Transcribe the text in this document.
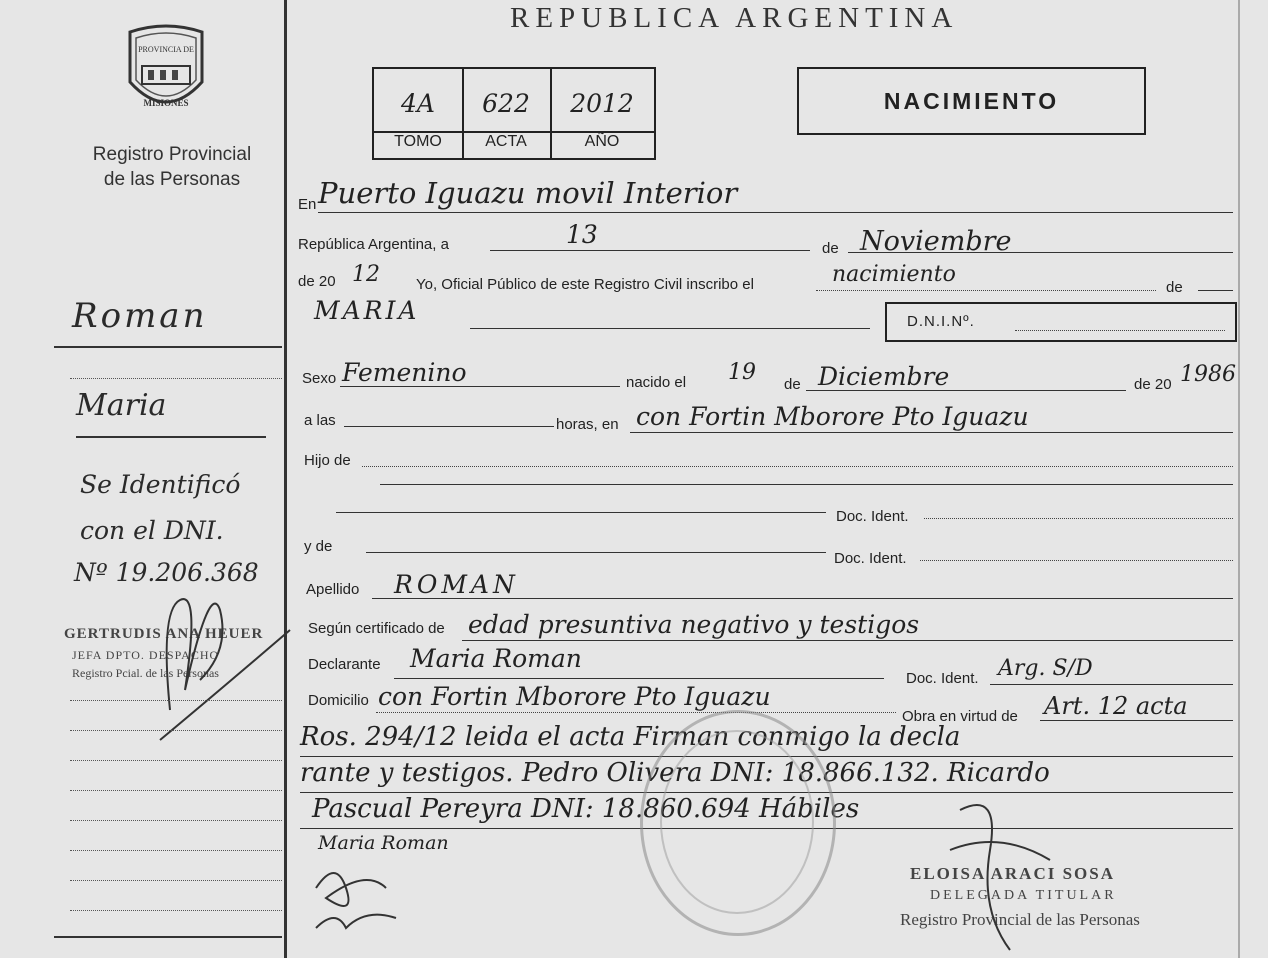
PROVINCIA DE
MISIONES
Registro Provincial
de las Personas
Roman
Maria
Se Identificó
con el DNI.
Nº 19.206.368
GERTRUDIS ANA HEUER
JEFA DPTO. DESPACHO
Registro Pcial. de las Personas
REPUBLICA ARGENTINA
4A
TOMO
622
ACTA
2012
AÑO
NACIMIENTO
En Puerto Iguazu movil Interior
República Argentina, a	13	de Noviembre
de 20 12 Yo, Oficial Público de este Registro Civil inscribo el	nacimiento
de
MARIA	D.N.I.Nº.
Sexo Femenino	nacido el 19 de Diciembre	de 20 1986
a las	horas, en con Fortin Mborore Pto Iguazu
Hijo de
Doc. Ident.
y de
Doc. Ident.
Apellido ROMAN
Según certificado de edad presuntiva negativo y testigos
Declarante Maria Roman
Doc. Ident. Arg. S/D
Domicilio con Fortin Mborore Pto Iguazu
Obra en virtud de Art. 12 acta
Ros. 294/12 leida el acta Firman conmigo la decla
rante y testigos. Pedro Olivera DNI: 18.866.132. Ricardo
Pascual Pereyra DNI: 18.860.694 Hábiles
Maria Roman
ELOISA ARACI SOSA
DELEGADA TITULAR
Registro Provincial de las Personas
